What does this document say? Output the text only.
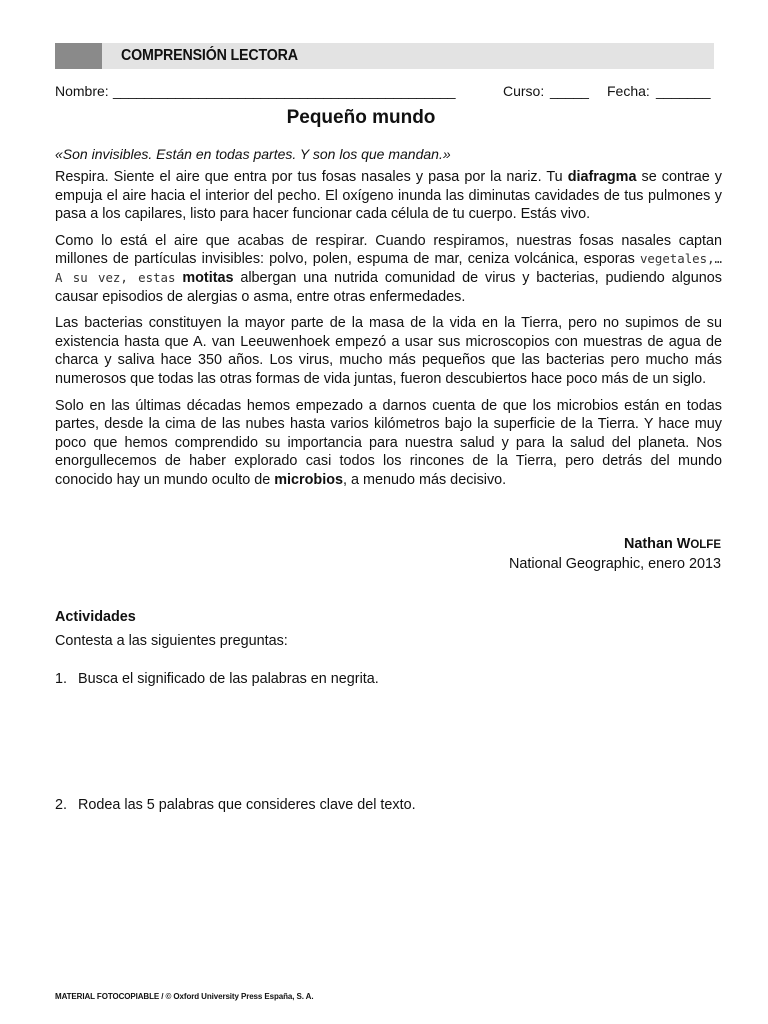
COMPRENSIÓN LECTORA
Nombre: ____________________________________________	Curso: _____ Fecha: _______
Pequeño mundo
«Son invisibles. Están en todas partes. Y son los que mandan.»

Respira. Siente el aire que entra por tus fosas nasales y pasa por la nariz. Tu diafragma se contrae y empuja el aire hacia el interior del pecho. El oxígeno inunda las diminutas cavidades de tus pulmones y pasa a los capilares, listo para hacer funcionar cada célula de tu cuerpo. Estás vivo.

Como lo está el aire que acabas de respirar. Cuando respiramos, nuestras fosas nasales captan millones de partículas invisibles: polvo, polen, espuma de mar, ceniza volcánica, esporas vegetales,… A su vez, estas motitas albergan una nutrida comunidad de virus y bacterias, pudiendo algunos causar episodios de alergias o asma, entre otras enfermedades.

Las bacterias constituyen la mayor parte de la masa de la vida en la Tierra, pero no supimos de su existencia hasta que A. van Leeuwenhoek empezó a usar sus microscopios con muestras de agua de charca y saliva hace 350 años. Los virus, mucho más pequeños que las bacterias pero mucho más numerosos que todas las otras formas de vida juntas, fueron descubiertos hace poco más de un siglo.

Solo en las últimas décadas hemos empezado a darnos cuenta de que los microbios están en todas partes, desde la cima de las nubes hasta varios kilómetros bajo la superficie de la Tierra. Y hace muy poco que hemos comprendido su importancia para nuestra salud y para la salud del planeta. Nos enorgullecemos de haber explorado casi todos los rincones de la Tierra, pero detrás del mundo conocido hay un mundo oculto de microbios, a menudo más decisivo.

Nathan WOLFE
National Geographic, enero 2013
Actividades
Contesta a las siguientes preguntas:
1. Busca el significado de las palabras en negrita.
2. Rodea las 5 palabras que consideres clave del texto.
MATERIAL FOTOCOPIABLE / © Oxford University Press España, S. A.
